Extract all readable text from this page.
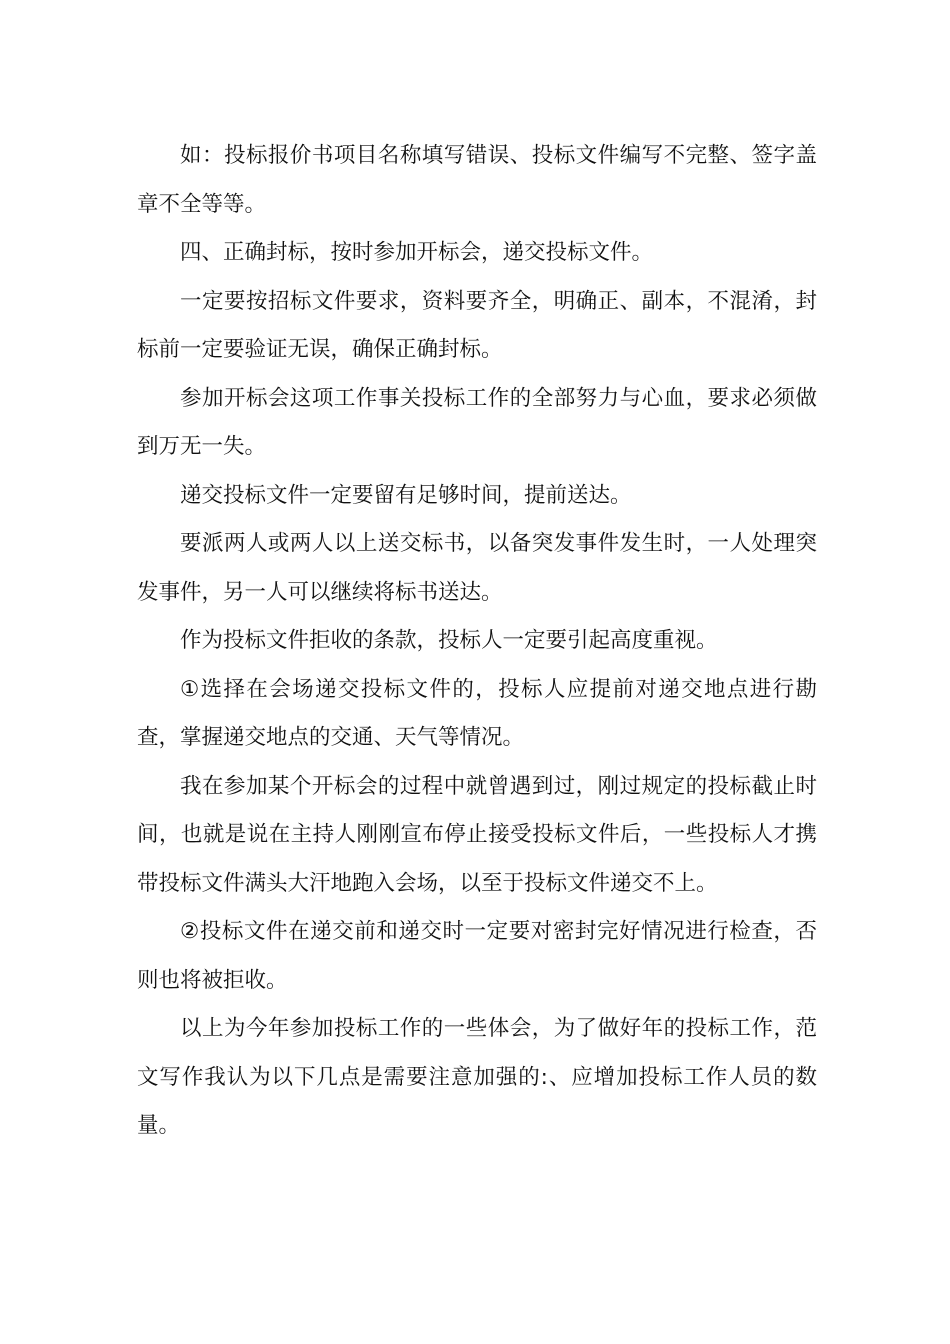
如：投标报价书项目名称填写错误、投标文件编写不完整、签字盖章不全等等。

四、正确封标，按时参加开标会，递交投标文件。

一定要按招标文件要求，资料要齐全，明确正、副本，不混淆，封标前一定要验证无误，确保正确封标。

参加开标会这项工作事关投标工作的全部努力与心血，要求必须做到万无一失。

递交投标文件一定要留有足够时间，提前送达。

要派两人或两人以上送交标书，以备突发事件发生时，一人处理突发事件，另一人可以继续将标书送达。

作为投标文件拒收的条款，投标人一定要引起高度重视。

①选择在会场递交投标文件的，投标人应提前对递交地点进行勘查，掌握递交地点的交通、天气等情况。

我在参加某个开标会的过程中就曾遇到过，刚过规定的投标截止时间，也就是说在主持人刚刚宣布停止接受投标文件后，一些投标人才携带投标文件满头大汗地跑入会场，以至于投标文件递交不上。

②投标文件在递交前和递交时一定要对密封完好情况进行检查，否则也将被拒收。

以上为今年参加投标工作的一些体会，为了做好年的投标工作，范文写作我认为以下几点是需要注意加强的:、应增加投标工作人员的数量。
